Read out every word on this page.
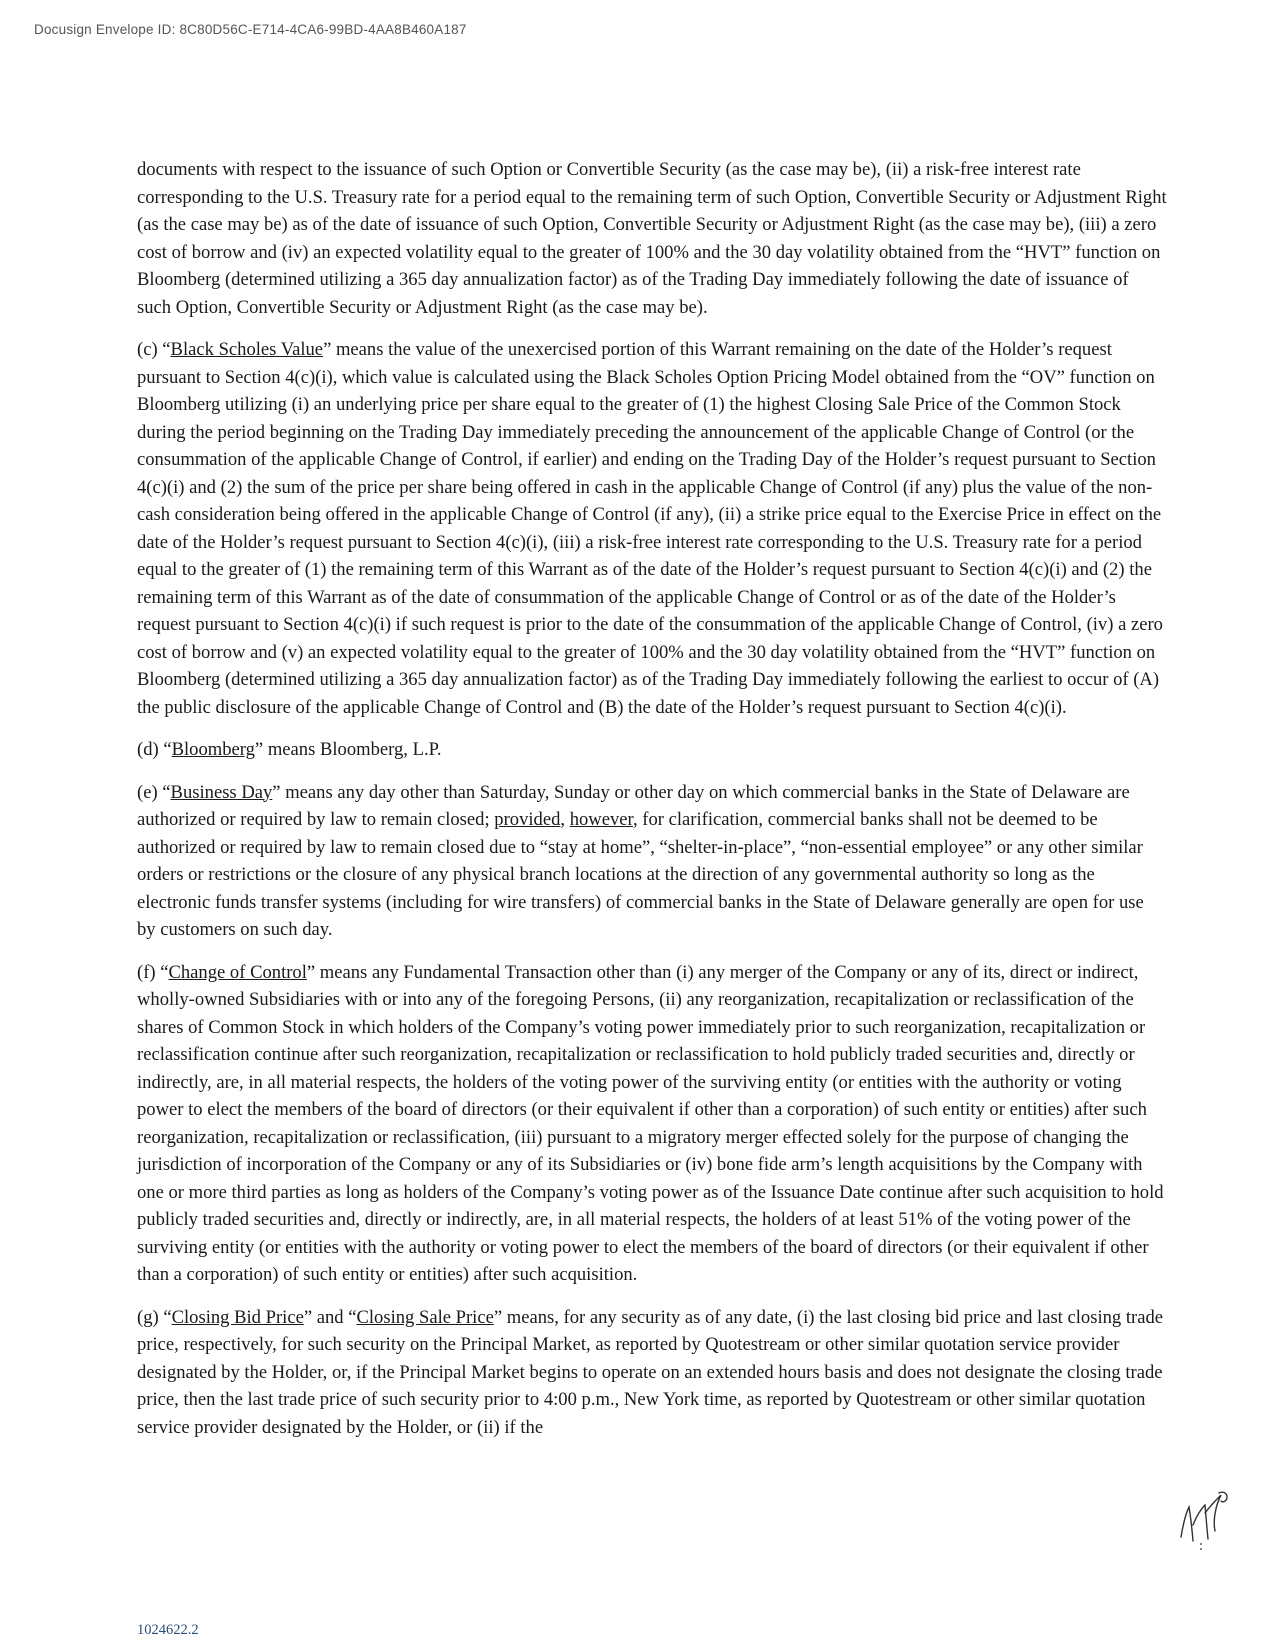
Docusign Envelope ID: 8C80D56C-E714-4CA6-99BD-4AA8B460A187

documents with respect to the issuance of such Option or Convertible Security (as the case may be), (ii) a risk-free interest rate corresponding to the U.S. Treasury rate for a period equal to the remaining term of such Option, Convertible Security or Adjustment Right (as the case may be) as of the date of issuance of such Option, Convertible Security or Adjustment Right (as the case may be), (iii) a zero cost of borrow and (iv) an expected volatility equal to the greater of 100% and the 30 day volatility obtained from the “HVT” function on Bloomberg (determined utilizing a 365 day annualization factor) as of the Trading Day immediately following the date of issuance of such Option, Convertible Security or Adjustment Right (as the case may be).

(c) “Black Scholes Value” means the value of the unexercised portion of this Warrant remaining on the date of the Holder’s request pursuant to Section 4(c)(i), which value is calculated using the Black Scholes Option Pricing Model obtained from the “OV” function on Bloomberg utilizing (i) an underlying price per share equal to the greater of (1) the highest Closing Sale Price of the Common Stock during the period beginning on the Trading Day immediately preceding the announcement of the applicable Change of Control (or the consummation of the applicable Change of Control, if earlier) and ending on the Trading Day of the Holder’s request pursuant to Section 4(c)(i) and (2) the sum of the price per share being offered in cash in the applicable Change of Control (if any) plus the value of the non-cash consideration being offered in the applicable Change of Control (if any), (ii) a strike price equal to the Exercise Price in effect on the date of the Holder’s request pursuant to Section 4(c)(i), (iii) a risk-free interest rate corresponding to the U.S. Treasury rate for a period equal to the greater of (1) the remaining term of this Warrant as of the date of the Holder’s request pursuant to Section 4(c)(i) and (2) the remaining term of this Warrant as of the date of consummation of the applicable Change of Control or as of the date of the Holder’s request pursuant to Section 4(c)(i) if such request is prior to the date of the consummation of the applicable Change of Control, (iv) a zero cost of borrow and (v) an expected volatility equal to the greater of 100% and the 30 day volatility obtained from the “HVT” function on Bloomberg (determined utilizing a 365 day annualization factor) as of the Trading Day immediately following the earliest to occur of (A) the public disclosure of the applicable Change of Control and (B) the date of the Holder’s request pursuant to Section 4(c)(i).

(d) “Bloomberg” means Bloomberg, L.P.

(e) “Business Day” means any day other than Saturday, Sunday or other day on which commercial banks in the State of Delaware are authorized or required by law to remain closed; provided, however, for clarification, commercial banks shall not be deemed to be authorized or required by law to remain closed due to “stay at home”, “shelter-in-place”, “non-essential employee” or any other similar orders or restrictions or the closure of any physical branch locations at the direction of any governmental authority so long as the electronic funds transfer systems (including for wire transfers) of commercial banks in the State of Delaware generally are open for use by customers on such day.

(f) “Change of Control” means any Fundamental Transaction other than (i) any merger of the Company or any of its, direct or indirect, wholly-owned Subsidiaries with or into any of the foregoing Persons, (ii) any reorganization, recapitalization or reclassification of the shares of Common Stock in which holders of the Company’s voting power immediately prior to such reorganization, recapitalization or reclassification continue after such reorganization, recapitalization or reclassification to hold publicly traded securities and, directly or indirectly, are, in all material respects, the holders of the voting power of the surviving entity (or entities with the authority or voting power to elect the members of the board of directors (or their equivalent if other than a corporation) of such entity or entities) after such reorganization, recapitalization or reclassification, (iii) pursuant to a migratory merger effected solely for the purpose of changing the jurisdiction of incorporation of the Company or any of its Subsidiaries or (iv) bone fide arm’s length acquisitions by the Company with one or more third parties as long as holders of the Company’s voting power as of the Issuance Date continue after such acquisition to hold publicly traded securities and, directly or indirectly, are, in all material respects, the holders of at least 51% of the voting power of the surviving entity (or entities with the authority or voting power to elect the members of the board of directors (or their equivalent if other than a corporation) of such entity or entities) after such acquisition.

(g) “Closing Bid Price” and “Closing Sale Price” means, for any security as of any date, (i) the last closing bid price and last closing trade price, respectively, for such security on the Principal Market, as reported by Quotestream or other similar quotation service provider designated by the Holder, or, if the Principal Market begins to operate on an extended hours basis and does not designate the closing trade price, then the last trade price of such security prior to 4:00 p.m., New York time, as reported by Quotestream or other similar quotation service provider designated by the Holder, or (ii) if the

1024622.2
